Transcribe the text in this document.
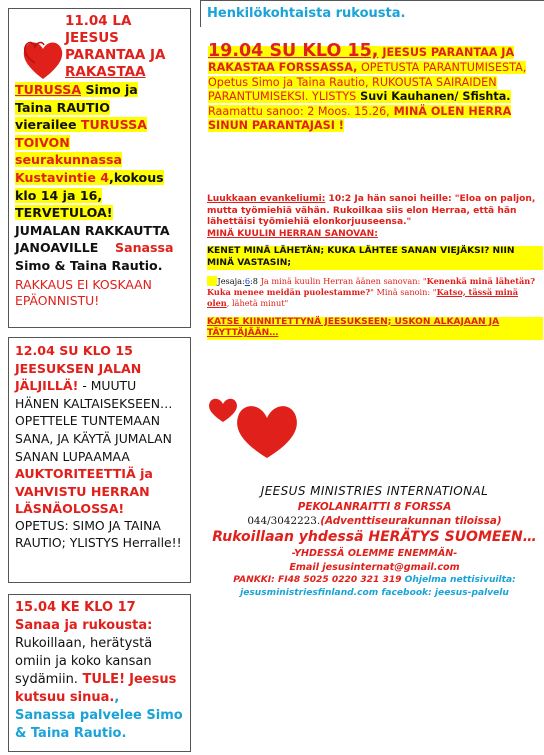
11.04 LA
JEESUS
PARANTAA JA
RAKASTAA
TURUSSA Simo ja
Taina RAUTIO
vierailee TURUSSA TOIVON
seurakunnassa
Kustavintie 4,kokous
klo 14 ja 16,
TERVETULOA!
JUMALAN RAKKAUTTA JANOAVILLE	Sanassa
Simo & Taina Rautio.
RAKKAUS EI KOSKAAN EPÄONNISTU!
12.04 SU KLO 15 JEESUKSEN JALAN JÄLJILLÄ! - MUUTU HÄNEN KALTAISEKSEEN…OPETTELE TUNTEMAAN SANA, JA KÄYTÄ JUMALAN SANAN LUPAAMAA
AUKTORITEETTIÄ ja VAHVISTU HERRAN LÄSNÄOLOSSA!
OPETUS: SIMO JA TAINA RAUTIO; YLISTYS Herralle!!
15.04 KE KLO 17
Sanaa ja rukousta:
Rukoillaan, herätystä omiin ja koko kansan sydämiin. TULE! Jeesus kutsuu sinua., Sanassa palvelee Simo & Taina Rautio.
Henkilökohtaista rukousta.
19.04 SU KLO 15, JEESUS PARANTAA JA RAKASTAA FORSSASSA, OPETUSTA PARANTUMISESTA, Opetus Simo ja Taina Rautio, RUKOUSTA SAIRAIDEN PARANTUMISEKSI. YLISTYS Suvi Kauhanen/ Sfishta. Raamattu sanoo: 2 Moos. 15.26, MINÄ OLEN HERRA SINUN PARANTAJASI !

Luukkaan evankeliumi: 10:2 Ja hän sanoi heille: "Eloa on paljon, mutta työmiehiä vähän. Rukoilkaa siis elon Herraa, että hän lähettäisi työmiehiä elonkorjuuseensa."
MINÄ KUULIN HERRAN SANOVAN:

KENET MINÄ LÄHETÄN; KUKA LÄHTEE SANAN VIEJÄKSI? NIIN MINÄ VASTASIN;

Jesaja:6:8 Ja minä kuulin Herran äänen sanovan: "Kenenkä minä lähetän? Kuka menee meidän puolestamme?" Minä sanoin: "Katso, tässä minä olen, lähetä minut"

KATSE KIINNITETTYNÄ JEESUKSEEN; USKON ALKAJAAN JA TÄYTTÄJÄÄN…

JEESUS MINISTRIES INTERNATIONAL
PEKOLANRAITTI 8 FORSSA
044/3042223.(Adventtiseurakunnan tiloissa)
Rukoillaan yhdessä HERÄTYS SUOMEEN…
-YHDESSÄ OLEMME ENEMMÄN-
Email jesusinternat@gmail.com
PANKKI: FI48 5025 0220 321 319 Ohjelma nettisivuilta:
jesusministriesfinland.com facebook: jeesus-palvelu
